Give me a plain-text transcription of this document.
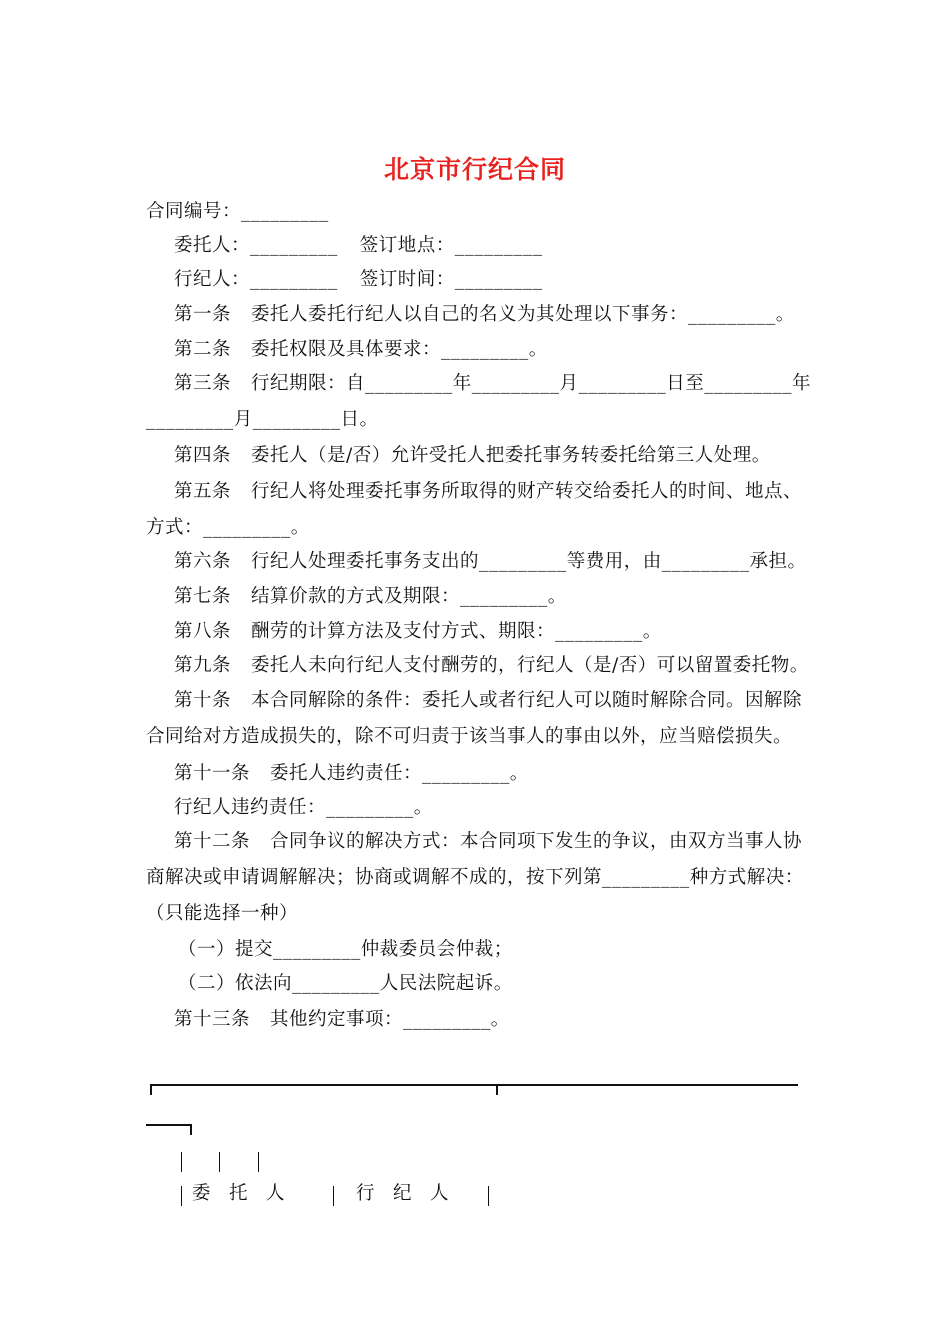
北京市行纪合同
合同编号：_________
委托人：_________ 签订地点：_________
行纪人：_________ 签订时间：_________
第一条 委托人委托行纪人以自己的名义为其处理以下事务：_________。
第二条 委托权限及具体要求：_________。
第三条 行纪期限：自_________年_________月_________日至_________年
_________月_________日。
第四条 委托人（是/否）允许受托人把委托事务转委托给第三人处理。
第五条 行纪人将处理委托事务所取得的财产转交给委托人的时间、地点、
方式：_________。
第六条 行纪人处理委托事务支出的_________等费用，由_________承担。
第七条 结算价款的方式及期限：_________。
第八条 酬劳的计算方法及支付方式、期限：_________。
第九条 委托人未向行纪人支付酬劳的，行纪人（是/否）可以留置委托物。
第十条 本合同解除的条件：委托人或者行纪人可以随时解除合同。因解除
合同给对方造成损失的，除不可归责于该当事人的事由以外，应当赔偿损失。
第十一条 委托人违约责任：_________。
行纪人违约责任：_________。
第十二条 合同争议的解决方式：本合同项下发生的争议，由双方当事人协
商解决或申请调解解决；协商或调解不成的，按下列第_________种方式解决：
（只能选择一种）
（一）提交_________仲裁委员会仲裁；
（二）依法向_________人民法院起诉。
第十三条 其他约定事项：_________。
委　托　人	行　纪　人
